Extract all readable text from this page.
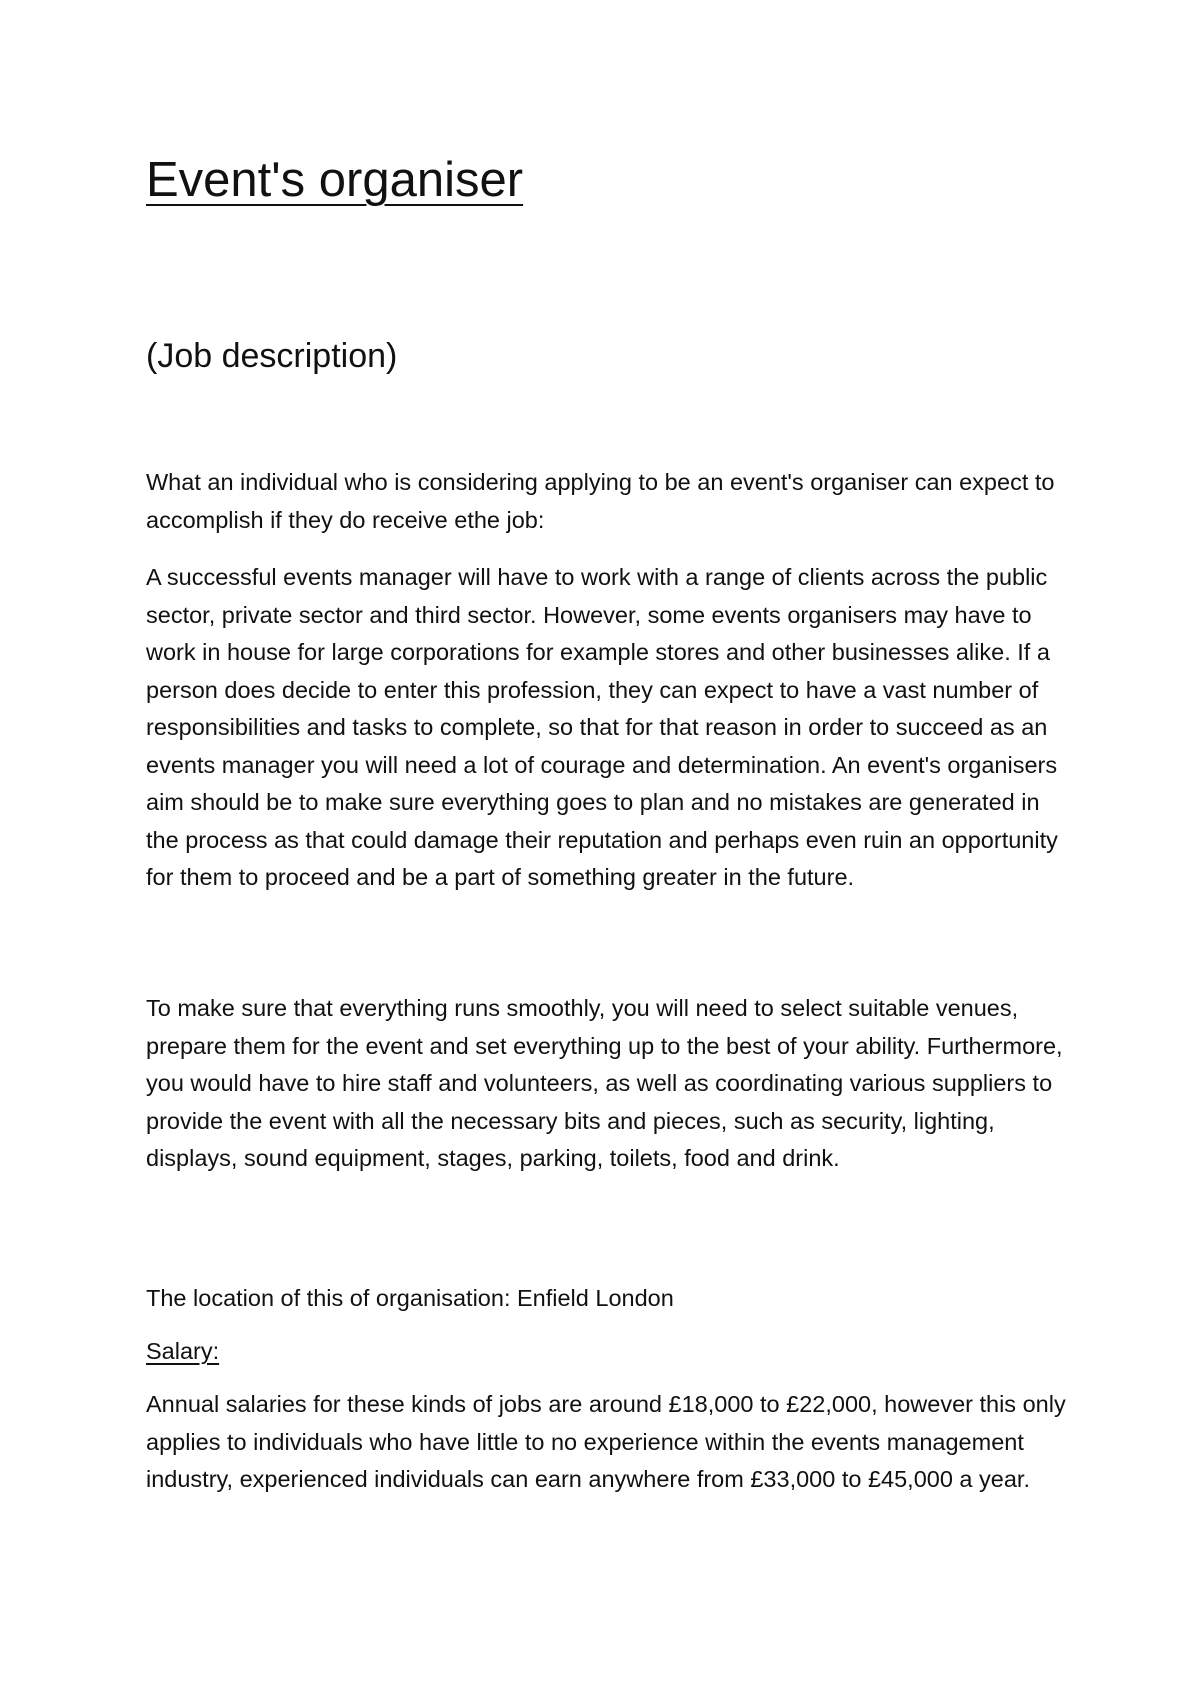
Event's organiser
(Job description)

What an individual who is considering applying to be an event's organiser can expect to accomplish if they do receive ethe job:

A successful events manager will have to work with a range of clients across the public sector, private sector and third sector. However, some events organisers may have to work in house for large corporations for example stores and other businesses alike. If a person does decide to enter this profession, they can expect to have a vast number of responsibilities and tasks to complete, so that for that reason in order to succeed as an events manager you will need a lot of courage and determination. An event's organisers aim should be to make sure everything goes to plan and no mistakes are generated in the process as that could damage their reputation and perhaps even ruin an opportunity for them to proceed and be a part of something greater in the future.

To make sure that everything runs smoothly, you will need to select suitable venues, prepare them for the event and set everything up to the best of your ability. Furthermore, you would have to hire staff and volunteers, as well as coordinating various suppliers to provide the event with all the necessary bits and pieces, such as security, lighting, displays, sound equipment, stages, parking, toilets, food and drink.

The location of this of organisation: Enfield London

Salary:

Annual salaries for these kinds of jobs are around £18,000 to £22,000, however this only applies to individuals who have little to no experience within the events management industry, experienced individuals can earn anywhere from £33,000 to £45,000 a year.
